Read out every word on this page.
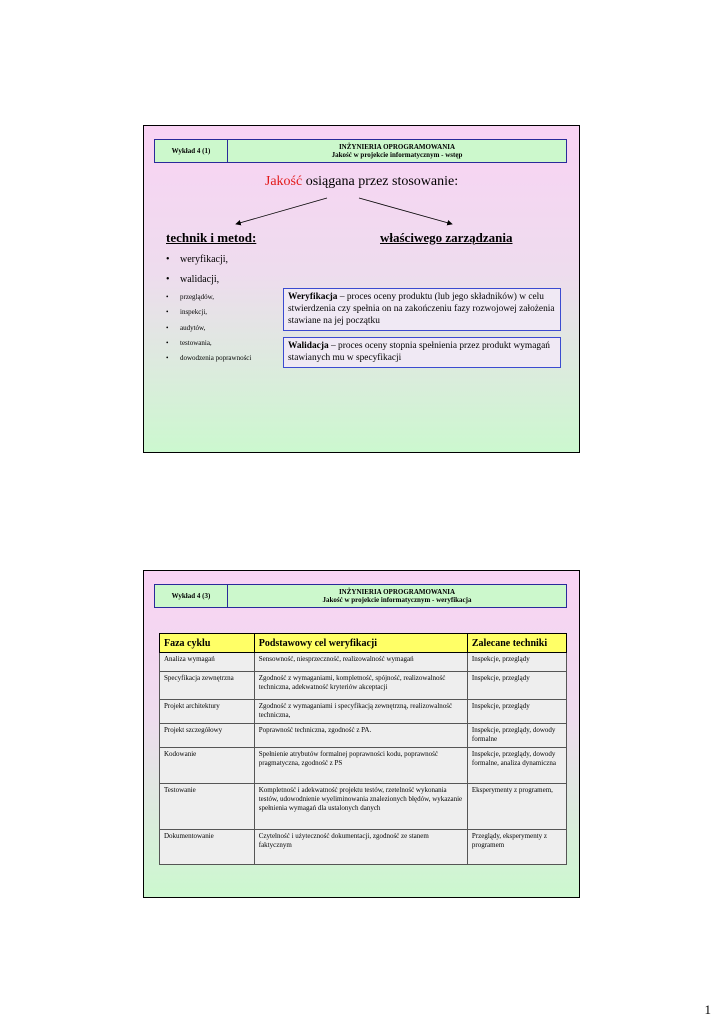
Wykład 4 (1)	INŻYNIERIA OPROGRAMOWANIA
Jakość w projekcie informatycznym - wstęp
Jakość osiągana przez stosowanie:
technik i metod:	właściwego zarządzania
weryfikacji,
walidacji,
przeglądów,
inspekcji,
audytów,
testowania,
dowodzenia poprawności
Weryfikacja – proces oceny produktu (lub jego składników) w celu stwierdzenia czy spełnia on na zakończeniu fazy rozwojowej założenia stawiane na jej początku
Walidacja – proces oceny stopnia spełnienia przez produkt wymagań stawianych mu w specyfikacji
Wykład 4 (3)	INŻYNIERIA OPROGRAMOWANIA
Jakość w projekcie informatycznym - weryfikacja
Faza cyklu	Podstawowy cel weryfikacji	Zalecane techniki
Analiza wymagań	Sensowność, niesprzeczność, realizowalność wymagań	Inspekcje, przeglądy
Specyfikacja zewnętrzna	Zgodność z wymaganiami, kompletność, spójność, realizowalność techniczna, adekwatność kryteriów akceptacji	Inspekcje, przeglądy
Projekt architektury	Zgodność z wymaganiami i specyfikacją zewnętrzną, realizowalność techniczna,	Inspekcje, przeglądy
Projekt szczegółowy	Poprawność techniczna, zgodność z PA.	Inspekcje, przeglądy, dowody formalne
Kodowanie	Spełnienie atrybutów formalnej poprawności kodu, poprawność pragmatyczna, zgodność z PS	Inspekcje, przeglądy, dowody formalne, analiza dynamiczna
Testowanie	Kompletność i adekwatność projektu testów, rzetelność wykonania testów, udowodnienie wyeliminowania znalezionych błędów, wykazanie spełnienia wymagań dla ustalonych danych	Eksperymenty z programem,
Dokumentowanie	Czytelność i użyteczność dokumentacji, zgodność ze stanem faktycznym	Przeglądy, eksperymenty z programem
1
